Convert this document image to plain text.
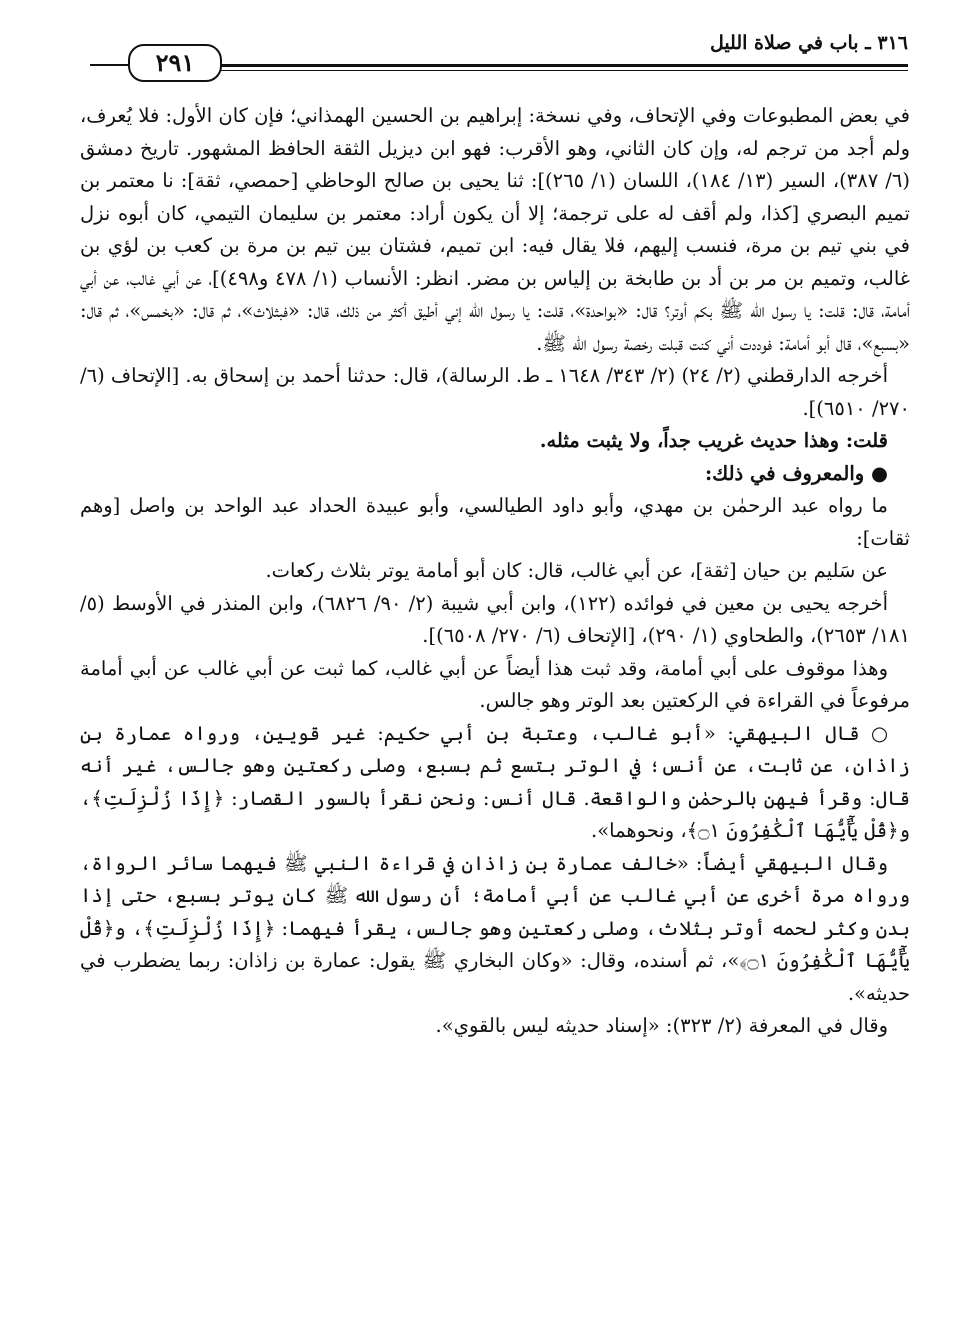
٣١٦ ـ باب في صلاة الليل
٢٩١

في بعض المطبوعات وفي الإتحاف، وفي نسخة: إبراهيم بن الحسين الهمذاني؛ فإن كان الأول: فلا يُعرف، ولم أجد من ترجم له، وإن كان الثاني، وهو الأقرب: فهو ابن ديزيل الثقة الحافظ المشهور. تاريخ دمشق (٦/ ٣٨٧)، السير (١٣/ ١٨٤)، اللسان (١/ ٢٦٥)]: ثنا يحيى بن صالح الوحاظي [حمصي، ثقة]: نا معتمر بن تميم البصري [كذا، ولم أقف له على ترجمة؛ إلا أن يكون أراد: معتمر بن سليمان التيمي، كان أبوه نزل في بني تيم بن مرة، فنسب إليهم، فلا يقال فيه: ابن تميم، فشتان بين تيم بن مرة بن كعب بن لؤي بن غالب، وتميم بن مر بن أد بن طابخة بن إلياس بن مضر. انظر: الأنساب (١/ ٤٧٨ و٤٩٨)]، عن أبي غالب، عن أبي أمامة، قال: قلت: يا رسول الله ﷺ بكم أوتر؟ قال: «بواحدة»، قلت: يا رسول الله إني أطيق أكثر من ذلك، قال: «فبثلاث»، ثم قال: «بخمس»، ثم قال: «بسبع»، قال أبو أمامة: فوددت أني كنت قبلت رخصة رسول الله ﷺ.

أخرجه الدارقطني (٢/ ٢٤) (٢/ ٣٤٣/ ١٦٤٨ ـ ط. الرسالة)، قال: حدثنا أحمد بن إسحاق به. [الإتحاف (٦/ ٢٧٠/ ٦٥١٠)].

قلت: وهذا حديث غريب جداً، ولا يثبت مثله.

● والمعروف في ذلك:

ما رواه عبد الرحمٰن بن مهدي، وأبو داود الطيالسي، وأبو عبيدة الحداد عبد الواحد بن واصل [وهم ثقات]:

عن سَليم بن حيان [ثقة]، عن أبي غالب، قال: كان أبو أمامة يوتر بثلاث ركعات.

أخرجه يحيى بن معين في فوائده (١٢٢)، وابن أبي شيبة (٢/ ٩٠/ ٦٨٢٦)، وابن المنذر في الأوسط (٥/ ١٨١/ ٢٦٥٣)، والطحاوي (١/ ٢٩٠)، [الإتحاف (٦/ ٢٧٠/ ٦٥٠٨)].

وهذا موقوف على أبي أمامة، وقد ثبت هذا أيضاً عن أبي غالب، كما ثبت عن أبي غالب عن أبي أمامة مرفوعاً في القراءة في الركعتين بعد الوتر وهو جالس.

○ قال البيهقي: «أبو غالب، وعتبة بن أبي حكيم: غير قويين، ورواه عمارة بن زاذان، عن ثابت، عن أنس؛ في الوتر بتسع ثم بسبع، وصلى ركعتين وهو جالس، غير أنه قال: وقرأ فيهن بالرحمٰن والواقعة. قال أنس: ونحن نقرأ بالسور القصار: ﴿إِذَا زُلْزِلَتِ﴾، و﴿قُلْ يَٰٓأَيُّهَا ٱلْكَٰفِرُونَ ۝١﴾، ونحوهما».

وقال البيهقي أيضاً: «خالف عمارة بن زاذان في قراءة النبي ﷺ فيهما سائر الرواة، ورواه مرة أخرى عن أبي غالب عن أبي أمامة؛ أن رسول الله ﷺ كان يوتر بسبع، حتى إذا بدن وكثر لحمه أوتر بثلاث، وصلى ركعتين وهو جالس، يقرأ فيهما: ﴿إِذَا زُلْزِلَتِ﴾، و﴿قُلْ يَٰٓأَيُّهَا ٱلْكَٰفِرُونَ ۝١﴾»، ثم أسنده، وقال: «وكان البخاري ﷺ يقول: عمارة بن زاذان: ربما يضطرب في حديثه».

وقال في المعرفة (٢/ ٣٢٣): «إسناد حديثه ليس بالقوي».
